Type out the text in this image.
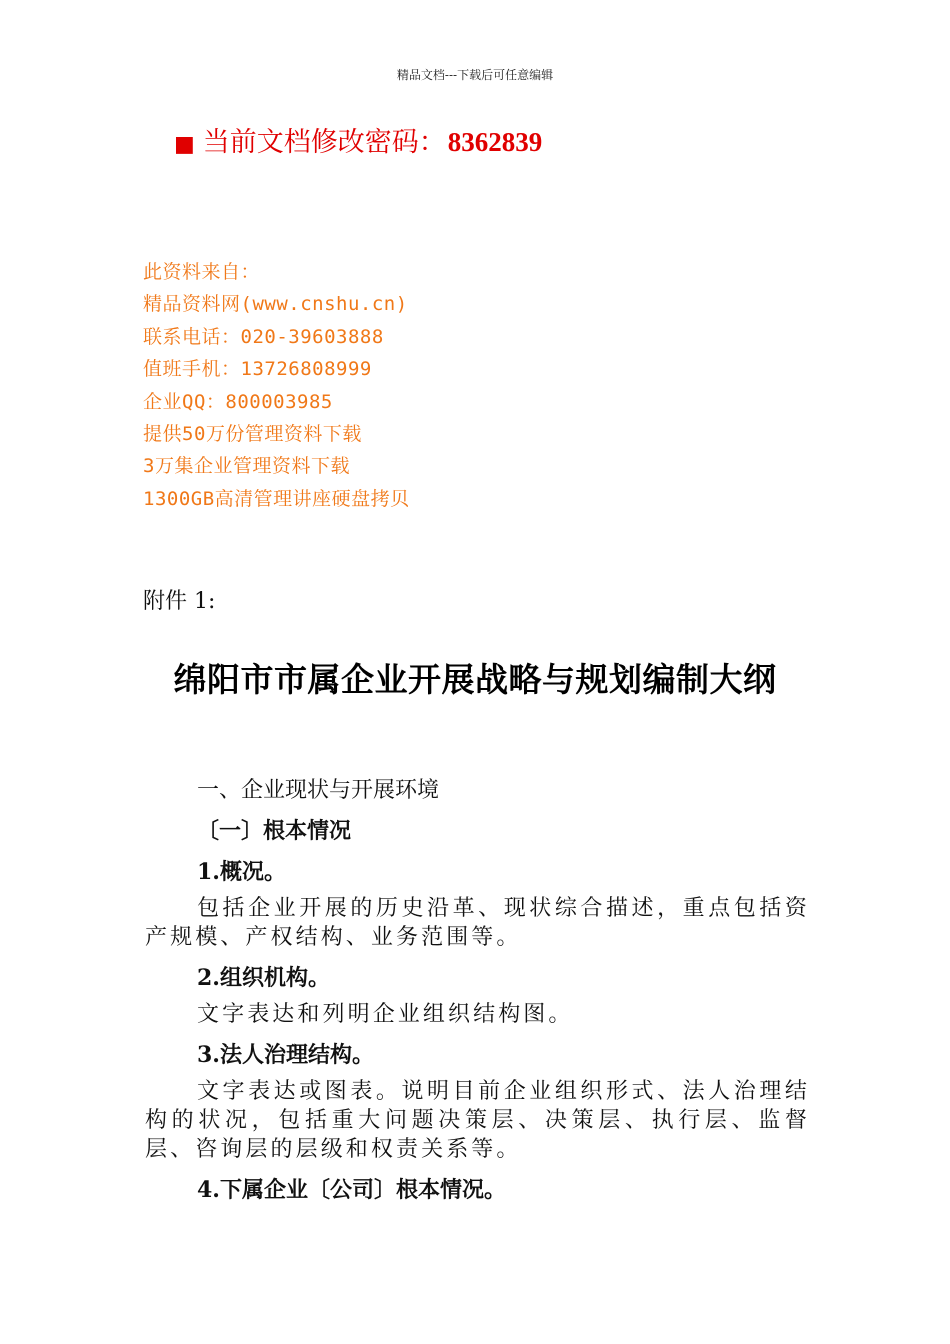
精品文档---下载后可任意编辑
■ 当前文档修改密码：8362839
此资料来自：
精品资料网(www.cnshu.cn)
联系电话：020-39603888
值班手机：13726808999
企业QQ：800003985
提供50万份管理资料下载
3万集企业管理资料下载
1300GB高清管理讲座硬盘拷贝
附件 1:
绵阳市市属企业开展战略与规划编制大纲
一、企业现状与开展环境
〔一〕根本情况
1.概况。
包括企业开展的历史沿革、现状综合描述，重点包括资产规模、产权结构、业务范围等。
2.组织机构。
文字表达和列明企业组织结构图。
3.法人治理结构。
文字表达或图表。说明目前企业组织形式、法人治理结构的状况，包括重大问题决策层、决策层、执行层、监督层、咨询层的层级和权责关系等。
4.下属企业〔公司〕根本情况。
